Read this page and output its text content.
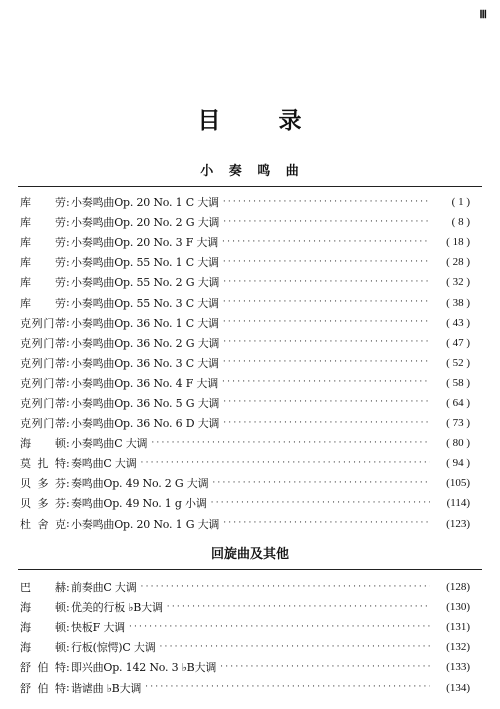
Ⅲ
目 录
小 奏 鸣 曲
库劳 : 小奏鸣曲Op. 20 No. 1 C 大调 ·····	( 1 )
库劳 : 小奏鸣曲Op. 20 No. 2 G 大调 ·····	( 8 )
库劳 : 小奏鸣曲Op. 20 No. 3 F 大调 ·····	( 18 )
库劳 : 小奏鸣曲Op. 55 No. 1 C 大调 ·····	( 28 )
库劳 : 小奏鸣曲Op. 55 No. 2 G 大调 ·····	( 32 )
库劳 : 小奏鸣曲Op. 55 No. 3 C 大调 ·····	( 38 )
克列门蒂 : 小奏鸣曲Op. 36 No. 1 C 大调 ·····	( 43 )
克列门蒂 : 小奏鸣曲Op. 36 No. 2 G 大调 ·····	( 47 )
克列门蒂 : 小奏鸣曲Op. 36 No. 3 C 大调 ·····	( 52 )
克列门蒂 : 小奏鸣曲Op. 36 No. 4 F 大调 ·····	( 58 )
克列门蒂 : 小奏鸣曲Op. 36 No. 5 G 大调 ·····	( 64 )
克列门蒂 : 小奏鸣曲Op. 36 No. 6 D 大调 ·····	( 73 )
海顿 : 小奏鸣曲C 大调 ·····	( 80 )
莫扎特 : 奏鸣曲C 大调 ·····	( 94 )
贝多芬 : 奏鸣曲Op. 49 No. 2 G 大调 ·····	(105)
贝多芬 : 奏鸣曲Op. 49 No. 1 g 小调 ·····	(114)
杜舍克 : 小奏鸣曲Op. 20 No. 1 G 大调 ·····	(123)
回旋曲及其他
巴赫 : 前奏曲C 大调 ·····	(128)
海顿 : 优美的行板 ♭B大调 ·····	(130)
海顿 : 快板F 大调 ·····	(131)
海顿 : 行板(惊愕)C 大调 ·····	(132)
舒伯特 : 即兴曲Op. 142 No. 3 ♭B大调 ·····	(133)
舒伯特 : 谐谑曲 ♭B大调 ·····	(134)
